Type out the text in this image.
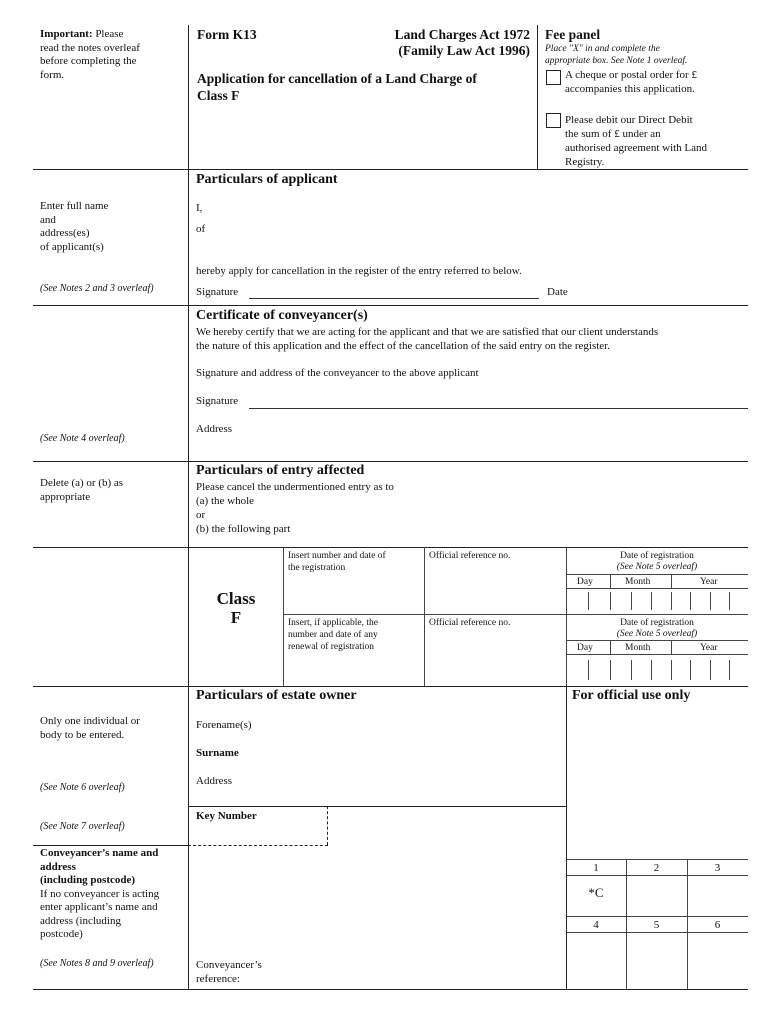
Important: Please
read the notes overleaf
before completing the
form.
Enter full name
and
address(es)
of applicant(s)
(See Notes 2 and 3 overleaf)
(See Note 4 overleaf)
Delete (a) or (b) as
appropriate
Only one individual or
body to be entered.
(See Note 6 overleaf)
(See Note 7 overleaf)
Conveyancer’s name and
address
(including postcode)
If no conveyancer is acting
enter applicant’s name and
address (including
postcode)
(See Notes 8 and 9 overleaf)
Form K13	Land Charges Act 1972
(Family Law Act 1996)
Application for cancellation of a Land Charge of
Class F
Fee panel
Place "X" in and complete the
appropriate box. See Note 1 overleaf.
A cheque or postal order for £
accompanies this application.
Please debit our Direct Debit
the sum of £ under an
authorised agreement with Land
Registry.
Particulars of applicant
I,
of
hereby apply for cancellation in the register of the entry referred to below.
Signature	Date
Certificate of conveyancer(s)
We hereby certify that we are acting for the applicant and that we are satisfied that our client understands
the nature of this application and the effect of the cancellation of the said entry on the register.
Signature and address of the conveyancer to the above applicant
Signature
Address
Particulars of entry affected
Please cancel the undermentioned entry as to
(a) the whole
or
(b) the following part
Class
F
Insert number and date of
the registration
Official reference no.	Date of registration
(See Note 5 overleaf)
Day	Month	Year
Insert, if applicable, the
number and date of any
renewal of registration
Official reference no.	Date of registration
(See Note 5 overleaf)
Day	Month	Year
Particulars of estate owner
Forename(s)
Surname
Address
Key Number
Conveyancer’s
reference:
For official use only
1	2	3
*C
4	5	6
